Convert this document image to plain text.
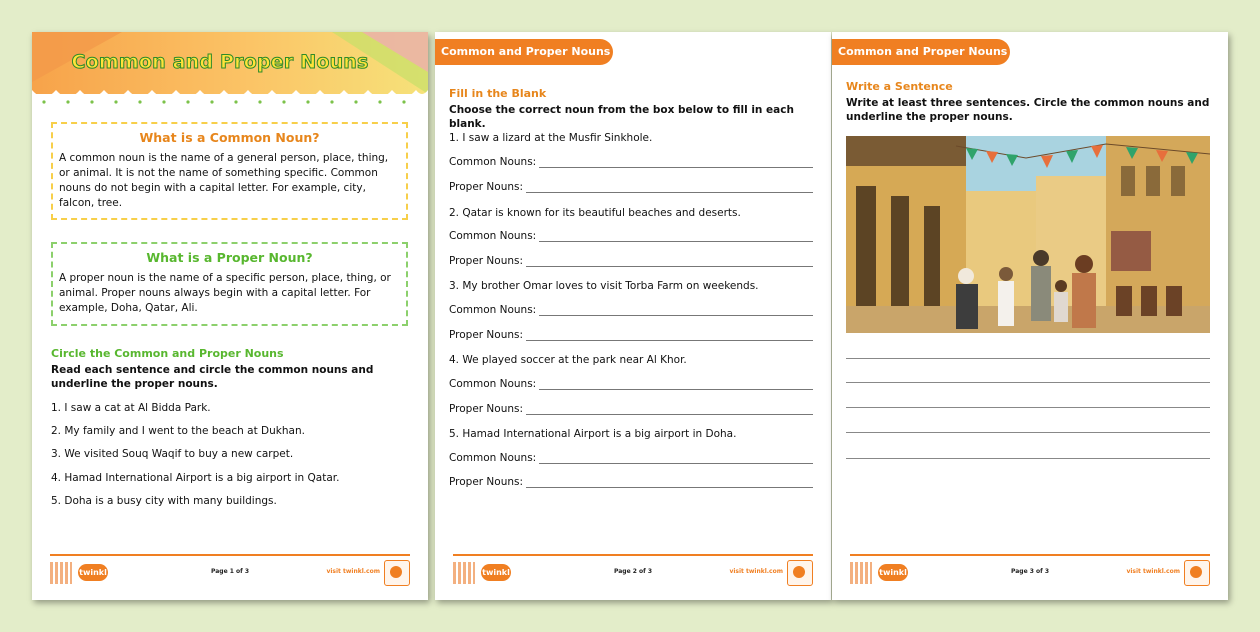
Common and Proper Nouns
What is a Common Noun?
A common noun is the name of a general person, place, thing, or animal. It is not the name of something specific. Common nouns do not begin with a capital letter. For example, city, falcon, tree.
What is a Proper Noun?
A proper noun is the name of a specific person, place, thing, or animal. Proper nouns always begin with a capital letter. For example, Doha, Qatar, Ali.
Circle the Common and Proper Nouns
Read each sentence and circle the common nouns and underline the proper nouns.
1. I saw a cat at Al Bidda Park.
2. My family and I went to the beach at Dukhan.
3. We visited Souq Waqif to buy a new carpet.
4. Hamad International Airport is a big airport in Qatar.
5. Doha is a busy city with many buildings.
twinkl	Page 1 of 3	visit twinkl.com
Common and Proper Nouns
Fill in the Blank
Choose the correct noun from the box below to fill in each blank.
1. I saw a lizard at the Musfir Sinkhole.
Common Nouns:
Proper Nouns:
2. Qatar is known for its beautiful beaches and deserts.
Common Nouns:
Proper Nouns:
3. My brother Omar loves to visit Torba Farm on weekends.
Common Nouns:
Proper Nouns:
4. We played soccer at the park near Al Khor.
Common Nouns:
Proper Nouns:
5. Hamad International Airport is a big airport in Doha.
Common Nouns:
Proper Nouns:
twinkl	Page 2 of 3	visit twinkl.com
Common and Proper Nouns
Write a Sentence
Write at least three sentences. Circle the common nouns and underline the proper nouns.
twinkl	Page 3 of 3	visit twinkl.com
